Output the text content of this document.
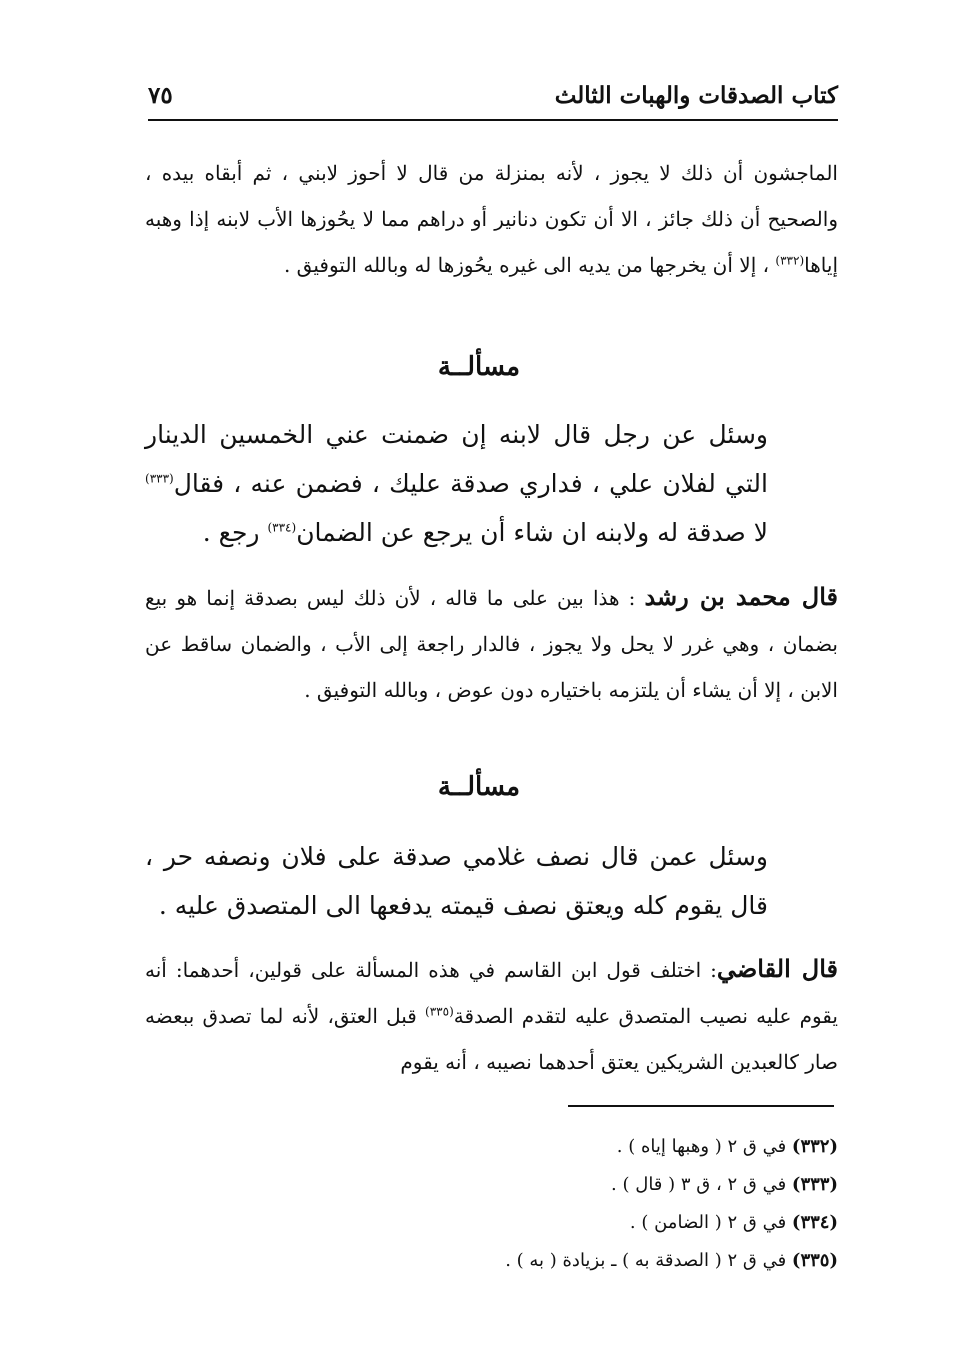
كتاب الصدقات والهبات الثالث
٧٥
الماجشون أن ذلك لا يجوز ، لأنه بمنزلة من قال لا أحوز لابني ، ثم أبقاه بيده ، والصحيح أن ذلك جائز ، الا أن تكون دنانير أو دراهم مما لا يحُوزها الأب لابنه إذا وهبه إياها$^{(٣٣٢)}$ ، إلا أن يخرجها من يديه الى غيره يحُوزها له وبالله التوفيق .
مسألــة
وسئل عن رجل قال لابنه إن ضمنت عني الخمسين الدينار التي لفلان علي ، فداري صدقة عليك ، فضمن عنه ، فقال$^{(٣٣٣)}$ لا صدقة له ولابنه ان شاء أن يرجع عن الضمان$^{(٣٣٤)}$ رجع .
قال محمد بن رشد : هذا بين على ما قاله ، لأن ذلك ليس بصدقة إنما هو بيع بضمان ، وهي غرر لا يحل ولا يجوز ، فالدار راجعة إلى الأب ، والضمان ساقط عن الابن ، إلا أن يشاء أن يلتزمه باختياره دون عوض ، وبالله التوفيق .
مسألــة
وسئل عمن قال نصف غلامي صدقة على فلان ونصفه حر ، قال يقوم كله ويعتق نصف قيمته يدفعها الى المتصدق عليه .
قال القاضي: اختلف قول ابن القاسم في هذه المسألة على قولين، أحدهما: أنه يقوم عليه نصيب المتصدق عليه لتقدم الصدقة$^{(٣٣٥)}$ قبل العتق، لأنه لما تصدق ببعضه صار كالعبدين الشريكين يعتق أحدهما نصيبه ، أنه يقوم
(٣٣٢) في ق ٢ ( وهبها إياه ) .
(٣٣٣) في ق ٢ ، ق ٣ ( قال ) .
(٣٣٤) في ق ٢ ( الضامن ) .
(٣٣٥) في ق ٢ ( الصدقة به ) ـ بزيادة ( به ) .
